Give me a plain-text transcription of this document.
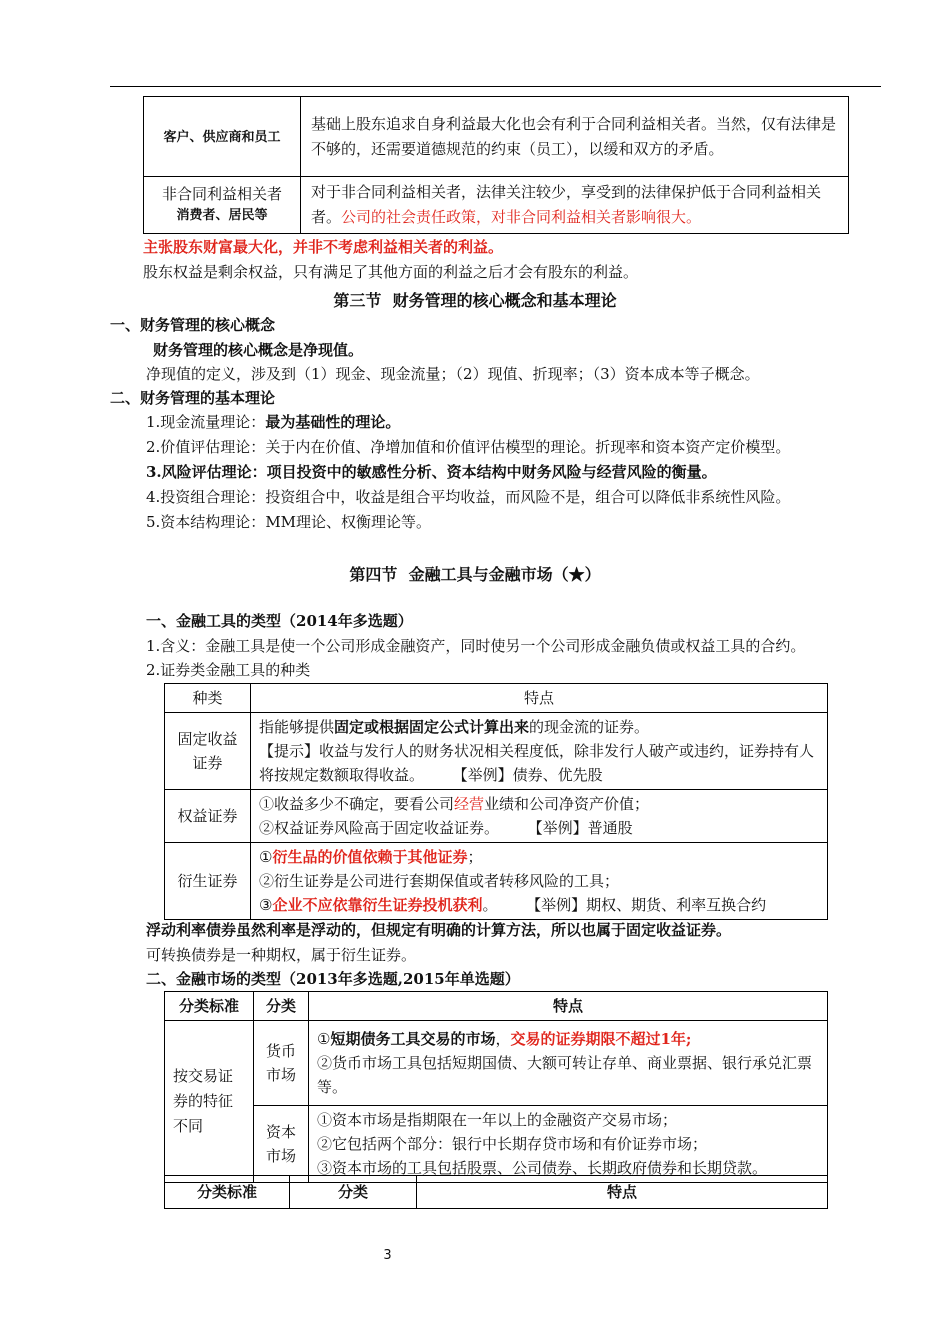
客户、供应商和员工	基础上股东追求自身利益最大化也会有利于合同利益相关者。当然，仅有法律是不够的，还需要道德规范的约束（员工），以缓和双方的矛盾。

非合同利益相关者
消费者、居民等	对于非合同利益相关者，法律关注较少，享受到的法律保护低于合同利益相关者。公司的社会责任政策，对非合同利益相关者影响很大。
主张股东财富最大化，并非不考虑利益相关者的利益。
股东权益是剩余权益，只有满足了其他方面的利益之后才会有股东的利益。
第三节  财务管理的核心概念和基本理论
一、财务管理的核心概念
财务管理的核心概念是净现值。
净现值的定义，涉及到（1）现金、现金流量；（2）现值、折现率；（3）资本成本等子概念。
二、财务管理的基本理论
1.现金流量理论：最为基础性的理论。
2.价值评估理论：关于内在价值、净增加值和价值评估模型的理论。折现率和资本资产定价模型。
3.风险评估理论：项目投资中的敏感性分析、资本结构中财务风险与经营风险的衡量。
4.投资组合理论：投资组合中，收益是组合平均收益，而风险不是，组合可以降低非系统性风险。
5.资本结构理论：MM理论、权衡理论等。
第四节  金融工具与金融市场（★）
一、金融工具的类型（2014年多选题）
1.含义：金融工具是使一个公司形成金融资产，同时使另一个公司形成金融负债或权益工具的合约。
2.证券类金融工具的种类
种类	特点
固定收益证券	指能够提供固定或根据固定公式计算出来的现金流的证券。
【提示】收益与发行人的财务状况相关程度低，除非发行人破产或违约，证券持有人将按规定数额取得收益。 【举例】债券、优先股

权益证券	①收益多少不确定，要看公司经营业绩和公司净资产价值；
②权益证券风险高于固定收益证券。 【举例】普通股

衍生证券	①衍生品的价值依赖于其他证券；
②衍生证券是公司进行套期保值或者转移风险的工具；
③企业不应依靠衍生证券投机获利。 【举例】期权、期货、利率互换合约
浮动利率债券虽然利率是浮动的，但规定有明确的计算方法，所以也属于固定收益证券。
可转换债券是一种期权，属于衍生证券。
二、金融市场的类型（2013年多选题,2015年单选题）
分类标准	分类	特点
按交易证券的特征不同	货币市场	①短期债务工具交易的市场，交易的证券期限不超过1年;
②货币市场工具包括短期国债、大额可转让存单、商业票据、银行承兑汇票等。

	资本市场	①资本市场是指期限在一年以上的金融资产交易市场；
②它包括两个部分：银行中长期存贷市场和有价证券市场；
③资本市场的工具包括股票、公司债券、长期政府债券和长期贷款。
分类标准	分类	特点
3
